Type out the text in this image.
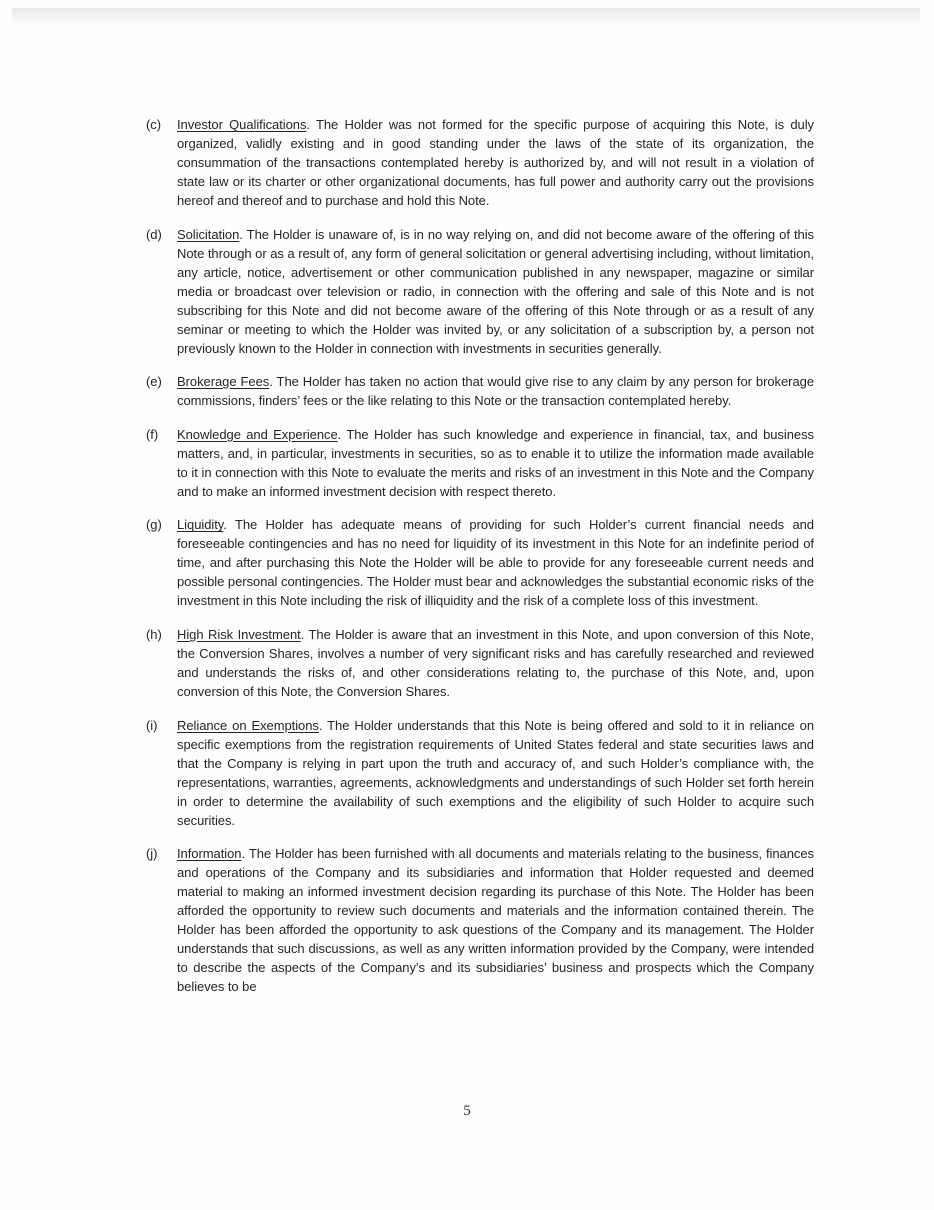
(c) Investor Qualifications. The Holder was not formed for the specific purpose of acquiring this Note, is duly organized, validly existing and in good standing under the laws of the state of its organization, the consummation of the transactions contemplated hereby is authorized by, and will not result in a violation of state law or its charter or other organizational documents, has full power and authority carry out the provisions hereof and thereof and to purchase and hold this Note.

(d) Solicitation. The Holder is unaware of, is in no way relying on, and did not become aware of the offering of this Note through or as a result of, any form of general solicitation or general advertising including, without limitation, any article, notice, advertisement or other communication published in any newspaper, magazine or similar media or broadcast over television or radio, in connection with the offering and sale of this Note and is not subscribing for this Note and did not become aware of the offering of this Note through or as a result of any seminar or meeting to which the Holder was invited by, or any solicitation of a subscription by, a person not previously known to the Holder in connection with investments in securities generally.

(e) Brokerage Fees. The Holder has taken no action that would give rise to any claim by any person for brokerage commissions, finders’ fees or the like relating to this Note or the transaction contemplated hereby.

(f) Knowledge and Experience. The Holder has such knowledge and experience in financial, tax, and business matters, and, in particular, investments in securities, so as to enable it to utilize the information made available to it in connection with this Note to evaluate the merits and risks of an investment in this Note and the Company and to make an informed investment decision with respect thereto.

(g) Liquidity. The Holder has adequate means of providing for such Holder’s current financial needs and foreseeable contingencies and has no need for liquidity of its investment in this Note for an indefinite period of time, and after purchasing this Note the Holder will be able to provide for any foreseeable current needs and possible personal contingencies. The Holder must bear and acknowledges the substantial economic risks of the investment in this Note including the risk of illiquidity and the risk of a complete loss of this investment.

(h) High Risk Investment. The Holder is aware that an investment in this Note, and upon conversion of this Note, the Conversion Shares, involves a number of very significant risks and has carefully researched and reviewed and understands the risks of, and other considerations relating to, the purchase of this Note, and, upon conversion of this Note, the Conversion Shares.

(i) Reliance on Exemptions. The Holder understands that this Note is being offered and sold to it in reliance on specific exemptions from the registration requirements of United States federal and state securities laws and that the Company is relying in part upon the truth and accuracy of, and such Holder’s compliance with, the representations, warranties, agreements, acknowledgments and understandings of such Holder set forth herein in order to determine the availability of such exemptions and the eligibility of such Holder to acquire such securities.

(j) Information. The Holder has been furnished with all documents and materials relating to the business, finances and operations of the Company and its subsidiaries and information that Holder requested and deemed material to making an informed investment decision regarding its purchase of this Note. The Holder has been afforded the opportunity to review such documents and materials and the information contained therein. The Holder has been afforded the opportunity to ask questions of the Company and its management. The Holder understands that such discussions, as well as any written information provided by the Company, were intended to describe the aspects of the Company’s and its subsidiaries’ business and prospects which the Company believes to be

5
